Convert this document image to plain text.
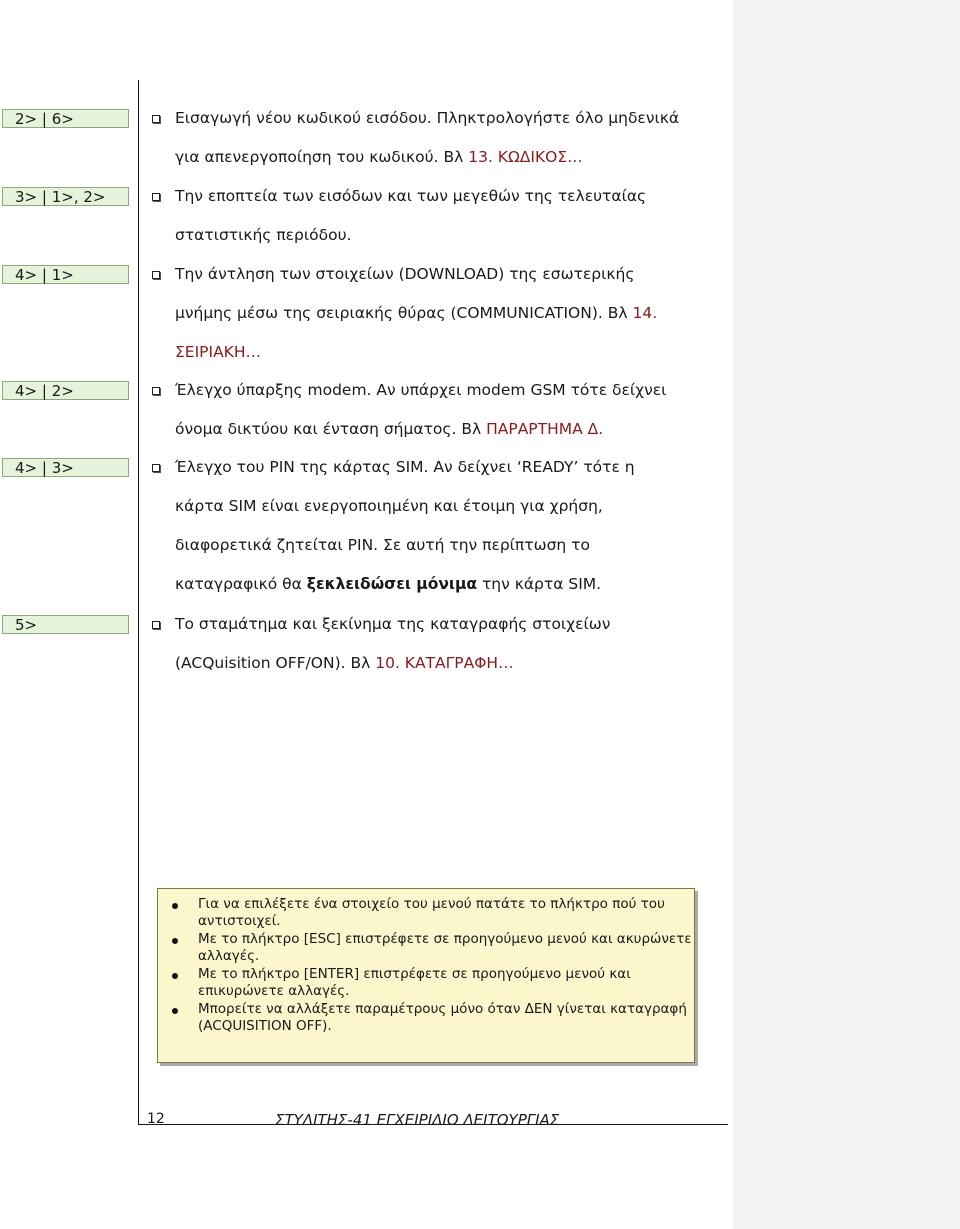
2> | 6>	Εισαγωγή νέου κωδικού εισόδου. Πληκτρολογήστε όλο μηδενικά
για απενεργοποίηση του κωδικού. Βλ 13. ΚΩΔΙΚΟΣ…
3> | 1>, 2>	Την εποπτεία των εισόδων και των μεγεθών της τελευταίας
στατιστικής περιόδου.
4> | 1>	Την άντληση των στοιχείων (DOWNLOAD) της εσωτερικής
μνήμης μέσω της σειριακής θύρας (COMMUNICATION). Βλ 14.
ΣΕΙΡΙΑΚΗ…
4> | 2>	Έλεγχο ύπαρξης modem. Αν υπάρχει modem GSM τότε δείχνει
όνομα δικτύου και ένταση σήματος. Βλ ΠΑΡΑΡΤΗΜΑ Δ.
4> | 3>	Έλεγχο του PIN της κάρτας SIM. Αν δείχνει ‘READY’ τότε η
κάρτα SIM είναι ενεργοποιημένη και έτοιμη για χρήση,
διαφορετικά ζητείται PIN. Σε αυτή την περίπτωση το
καταγραφικό θα ξεκλειδώσει μόνιμα την κάρτα SIM.
5>	Το σταμάτημα και ξεκίνημα της καταγραφής στοιχείων
(ACQuisition OFF/ON). Βλ 10. ΚΑΤΑΓΡΑΦΗ…
Για να επιλέξετε ένα στοιχείο του μενού πατάτε το πλήκτρο πού του αντιστοιχεί.
Με το πλήκτρο [ESC] επιστρέφετε σε προηγούμενο μενού και ακυρώνετε αλλαγές.
Με το πλήκτρο [ENTER] επιστρέφετε σε προηγούμενο μενού και επικυρώνετε αλλαγές.
Μπορείτε να αλλάξετε παραμέτρους μόνο όταν ΔΕΝ γίνεται καταγραφή (ACQUISITION OFF).
12	ΣΤΥΛΙΤΗΣ-41 ΕΓΧΕΙΡΙΔΙΟ ΛΕΙΤΟΥΡΓΙΑΣ
